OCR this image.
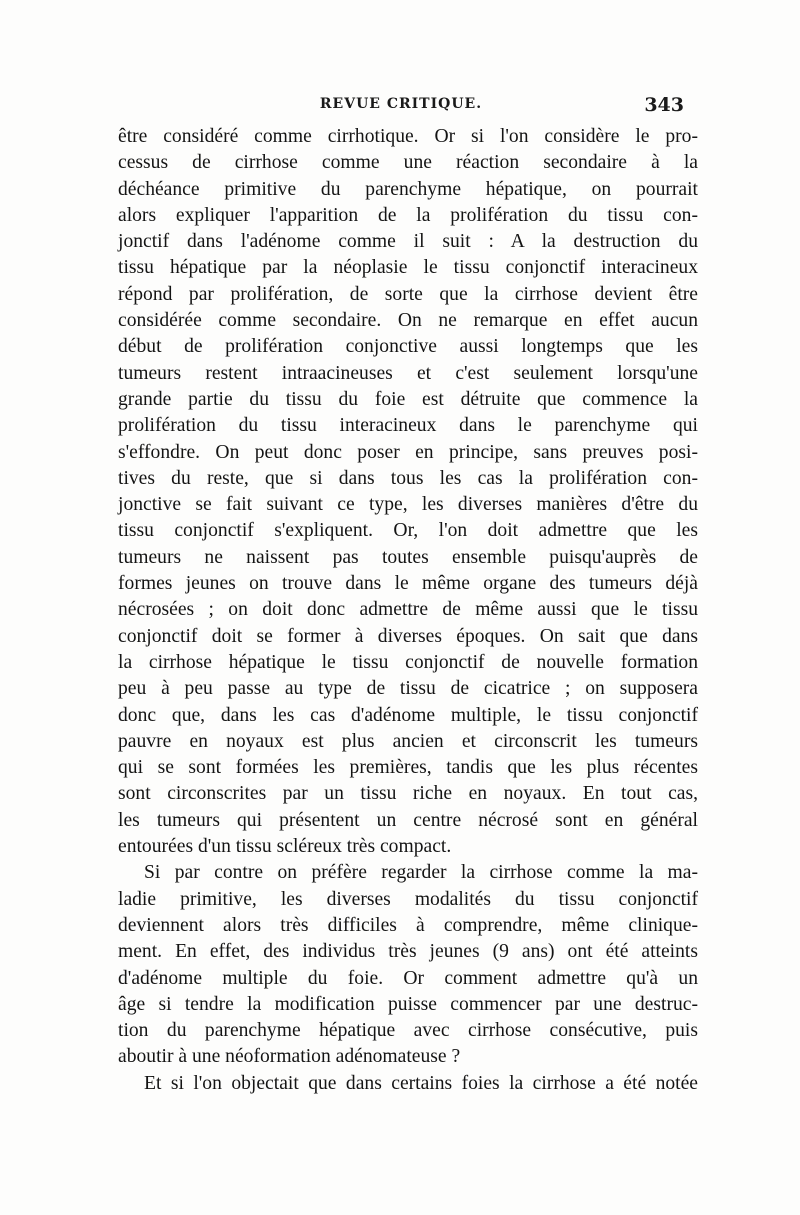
REVUE CRITIQUE.	343
être considéré comme cirrhotique. Or si l'on considère le pro-
cessus de cirrhose comme une réaction secondaire à la
déchéance primitive du parenchyme hépatique, on pourrait
alors expliquer l'apparition de la prolifération du tissu con-
jonctif dans l'adénome comme il suit : A la destruction du
tissu hépatique par la néoplasie le tissu conjonctif interacineux
répond par prolifération, de sorte que la cirrhose devient être
considérée comme secondaire. On ne remarque en effet aucun
début de prolifération conjonctive aussi longtemps que les
tumeurs restent intraacineuses et c'est seulement lorsqu'une
grande partie du tissu du foie est détruite que commence la
prolifération du tissu interacineux dans le parenchyme qui
s'effondre. On peut donc poser en principe, sans preuves posi-
tives du reste, que si dans tous les cas la prolifération con-
jonctive se fait suivant ce type, les diverses manières d'être du
tissu conjonctif s'expliquent. Or, l'on doit admettre que les
tumeurs ne naissent pas toutes ensemble puisqu'auprès de
formes jeunes on trouve dans le même organe des tumeurs déjà
nécrosées ; on doit donc admettre de même aussi que le tissu
conjonctif doit se former à diverses époques. On sait que dans
la cirrhose hépatique le tissu conjonctif de nouvelle formation
peu à peu passe au type de tissu de cicatrice ; on supposera
donc que, dans les cas d'adénome multiple, le tissu conjonctif
pauvre en noyaux est plus ancien et circonscrit les tumeurs
qui se sont formées les premières, tandis que les plus récentes
sont circonscrites par un tissu riche en noyaux. En tout cas,
les tumeurs qui présentent un centre nécrosé sont en général
entourées d'un tissu scléreux très compact.
Si par contre on préfère regarder la cirrhose comme la ma-
ladie primitive, les diverses modalités du tissu conjonctif
deviennent alors très difficiles à comprendre, même clinique-
ment. En effet, des individus très jeunes (9 ans) ont été atteints
d'adénome multiple du foie. Or comment admettre qu'à un
âge si tendre la modification puisse commencer par une destruc-
tion du parenchyme hépatique avec cirrhose consécutive, puis
aboutir à une néoformation adénomateuse ?
Et si l'on objectait que dans certains foies la cirrhose a été notée
